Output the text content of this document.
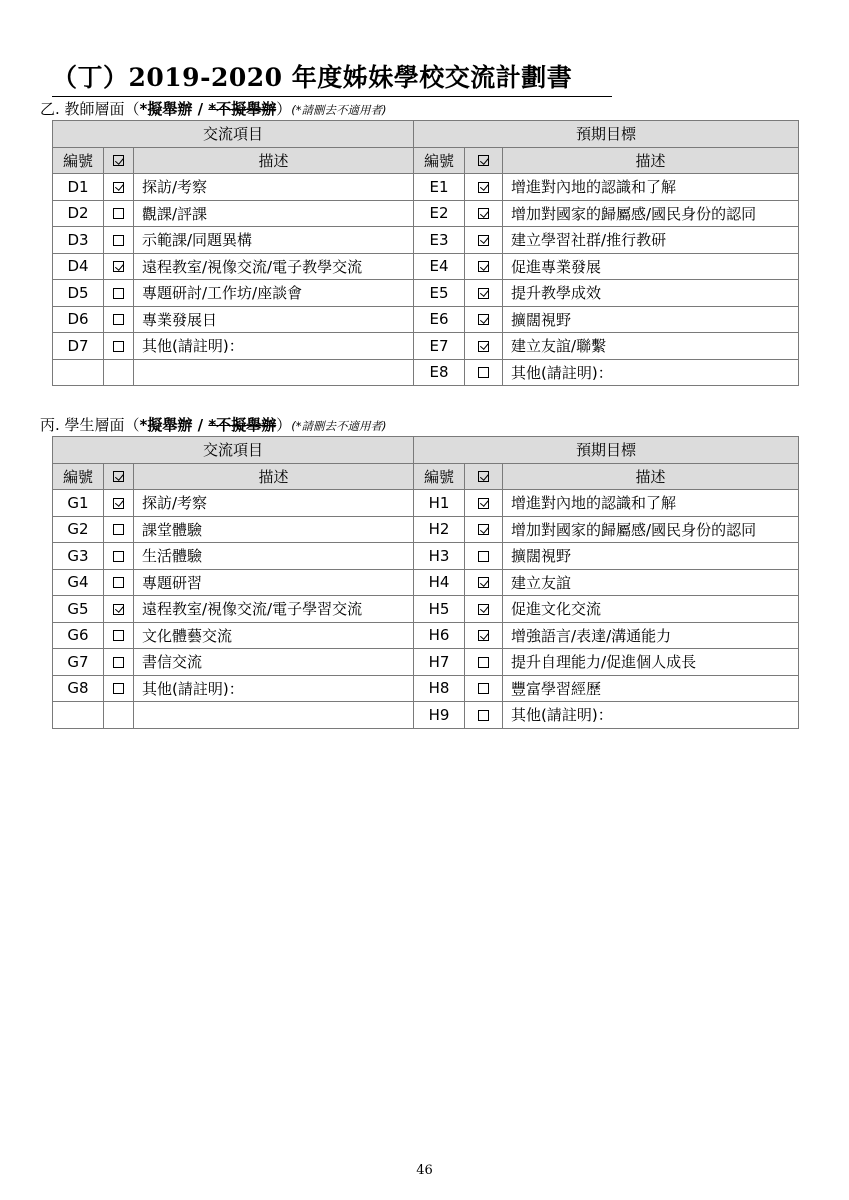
（丁）2019-2020 年度姊妹學校交流計劃書
乙. 教師層面（*擬舉辦 / *不擬舉辦）(*請刪去不適用者)
交流項目			預期目標		
編號		描述	編號		描述
D1		探訪/考察	E1		增進對內地的認識和了解
D2		觀課/評課	E2		增加對國家的歸屬感/國民身份的認同
D3		示範課/同題異構	E3		建立學習社群/推行教研
D4		遠程教室/視像交流/電子教學交流	E4		促進專業發展
D5		專題研討/工作坊/座談會	E5		提升教學成效
D6		專業發展日	E6		擴闊視野
D7		其他(請註明)：	E7		建立友誼/聯繫
			E8		其他(請註明)：
丙. 學生層面（*擬舉辦 / *不擬舉辦）(*請刪去不適用者)
交流項目			預期目標		
編號		描述	編號		描述
G1		探訪/考察	H1		增進對內地的認識和了解
G2		課堂體驗	H2		增加對國家的歸屬感/國民身份的認同
G3		生活體驗	H3		擴闊視野
G4		專題研習	H4		建立友誼
G5		遠程教室/視像交流/電子學習交流	H5		促進文化交流
G6		文化體藝交流	H6		增強語言/表達/溝通能力
G7		書信交流	H7		提升自理能力/促進個人成長
G8		其他(請註明)：	H8		豐富學習經歷
			H9		其他(請註明)：
46
